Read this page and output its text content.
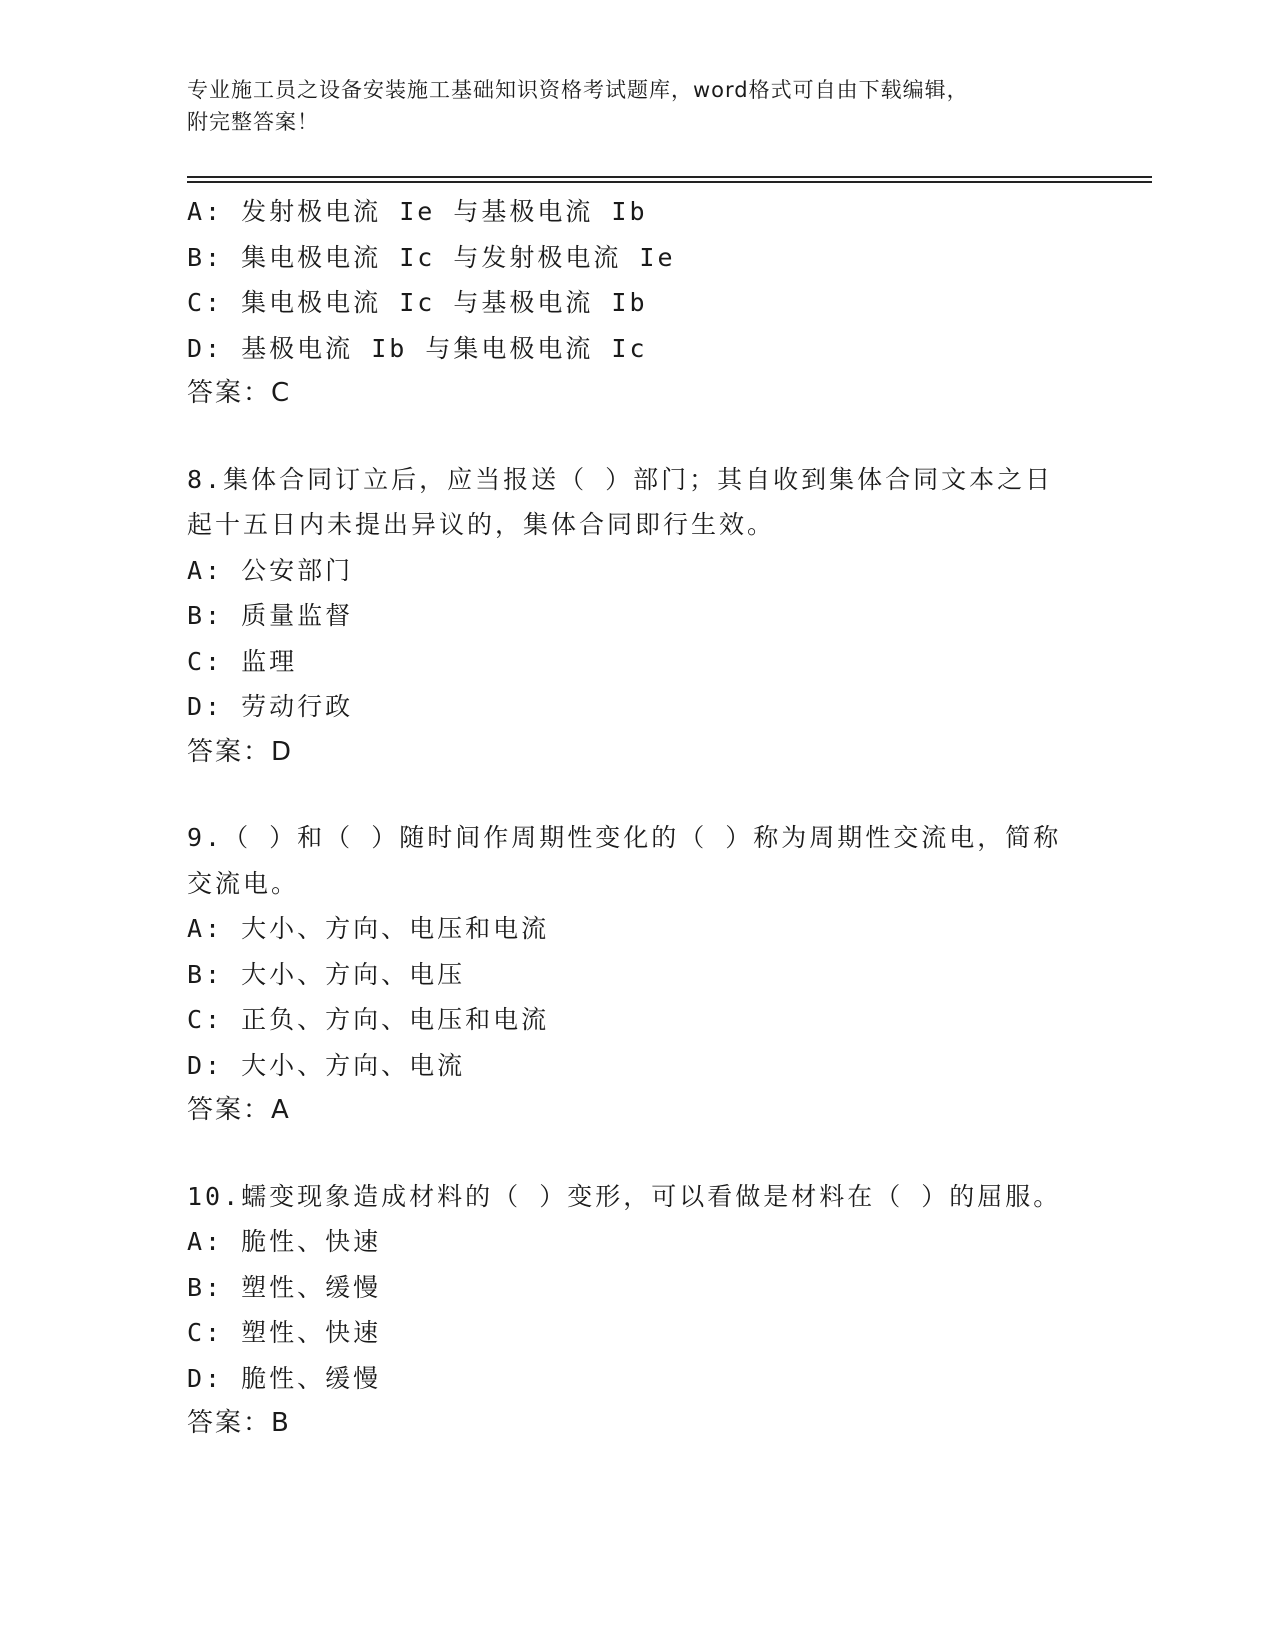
专业施工员之设备安装施工基础知识资格考试题库，word格式可自由下载编辑，
附完整答案！
A: 发射极电流 Ie 与基极电流 Ib
B: 集电极电流 Ic 与发射极电流 Ie
C: 集电极电流 Ic 与基极电流 Ib
D: 基极电流 Ib 与集电极电流 Ic
答案：C
8.集体合同订立后，应当报送（ ）部门；其自收到集体合同文本之日
起十五日内未提出异议的，集体合同即行生效。
A: 公安部门
B: 质量监督
C: 监理
D: 劳动行政
答案：D
9.（ ）和（ ）随时间作周期性变化的（ ）称为周期性交流电，简称
交流电。
A: 大小、方向、电压和电流
B: 大小、方向、电压
C: 正负、方向、电压和电流
D: 大小、方向、电流
答案：A
10.蠕变现象造成材料的（ ）变形，可以看做是材料在（ ）的屈服。
A: 脆性、快速
B: 塑性、缓慢
C: 塑性、快速
D: 脆性、缓慢
答案：B
